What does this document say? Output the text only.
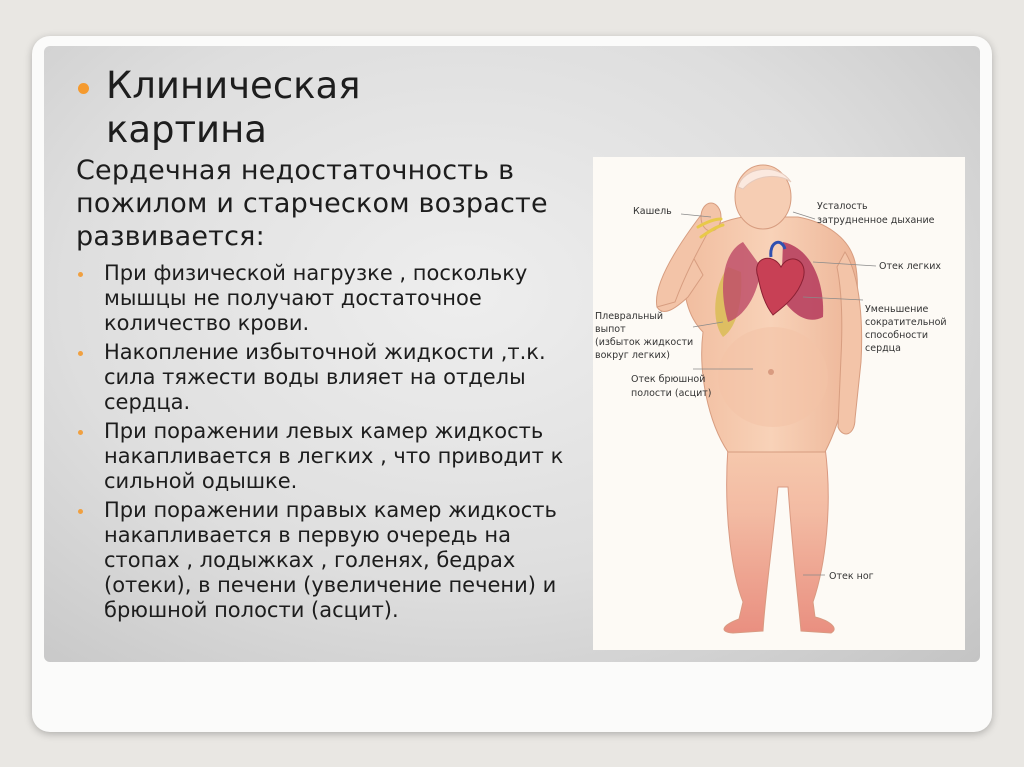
Клиническая
картина

Сердечная недостаточность в пожилом и старческом возрасте развивается:

При физической нагрузке , поскольку мышцы не получают достаточное количество крови.
Накопление избыточной жидкости ,т.к. сила тяжести воды влияет на отделы сердца.
При поражении левых камер жидкость накапливается в легких , что приводит к сильной одышке.
При поражении правых камер жидкость накапливается в первую очередь на стопах , лодыжках , голенях, бедрах (отеки), в печени (увеличение печени) и брюшной полости (асцит).
Кашель	Усталость
затрудненное дыхание
Отек легких
Уменьшение
сократительной
способности
сердца
Плевральный
выпот
(избыток жидкости
вокруг легких)
Отек брюшной
полости (асцит)
Отек ног
